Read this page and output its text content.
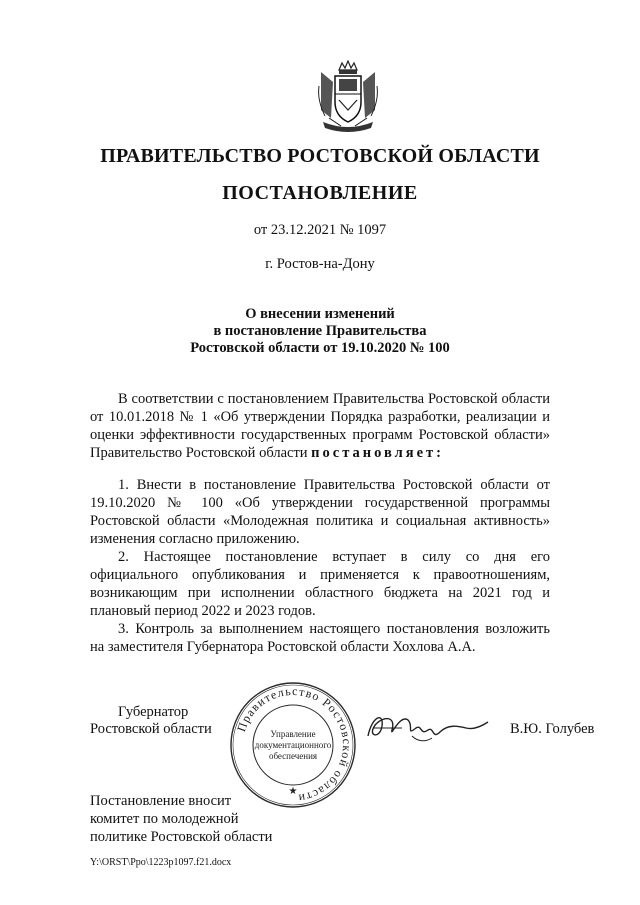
ПРАВИТЕЛЬСТВО РОСТОВСКОЙ ОБЛАСТИ
ПОСТАНОВЛЕНИЕ
от 23.12.2021 № 1097
г. Ростов-на-Дону
О внесении изменений
в постановление Правительства
Ростовской области от 19.10.2020 № 100

В соответствии с постановлением Правительства Ростовской области от 10.01.2018 № 1 «Об утверждении Порядка разработки, реализации и оценки эффективности государственных программ Ростовской области» Правительство Ростовской области постановляет:

1. Внести в постановление Правительства Ростовской области от 19.10.2020 № 100 «Об утверждении государственной программы Ростовской области «Молодежная политика и социальная активность» изменения согласно приложению.

2. Настоящее постановление вступает в силу со дня его официального опубликования и применяется к правоотношениям, возникающим при исполнении областного бюджета на 2021 год и плановый период 2022 и 2023 годов.

3. Контроль за выполнением настоящего постановления возложить на заместителя Губернатора Ростовской области Хохлова А.А.

Губернатор
Ростовской области Правительство Ростовской области
Управление
документационного
обеспечения
★
В.Ю. Голубев
Постановление вносит
комитет по молодежной
политике Ростовской области
Y:\ORST\Ppo\1223p1097.f21.docx
